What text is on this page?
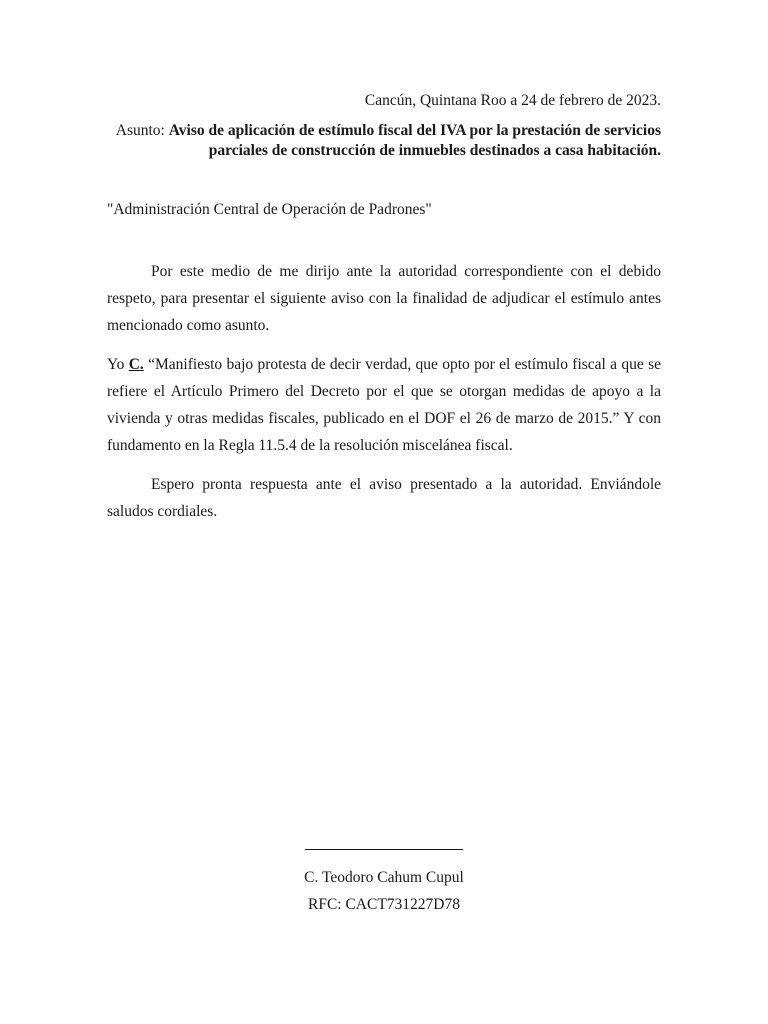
Cancún, Quintana Roo a 24 de febrero de 2023.
Asunto: Aviso de aplicación de estímulo fiscal del IVA por la prestación de servicios parciales de construcción de inmuebles destinados a casa habitación.
"Administración Central de Operación de Padrones"

Por este medio de me dirijo ante la autoridad correspondiente con el debido respeto, para presentar el siguiente aviso con la finalidad de adjudicar el estímulo antes mencionado como asunto.

Yo C. “Manifiesto bajo protesta de decir verdad, que opto por el estímulo fiscal a que se refiere el Artículo Primero del Decreto por el que se otorgan medidas de apoyo a la vivienda y otras medidas fiscales, publicado en el DOF el 26 de marzo de 2015.” Y con fundamento en la Regla 11.5.4 de la resolución miscelánea fiscal.

Espero pronta respuesta ante el aviso presentado a la autoridad. Enviándole saludos cordiales.

C. Teodoro Cahum Cupul
RFC: CACT731227D78
